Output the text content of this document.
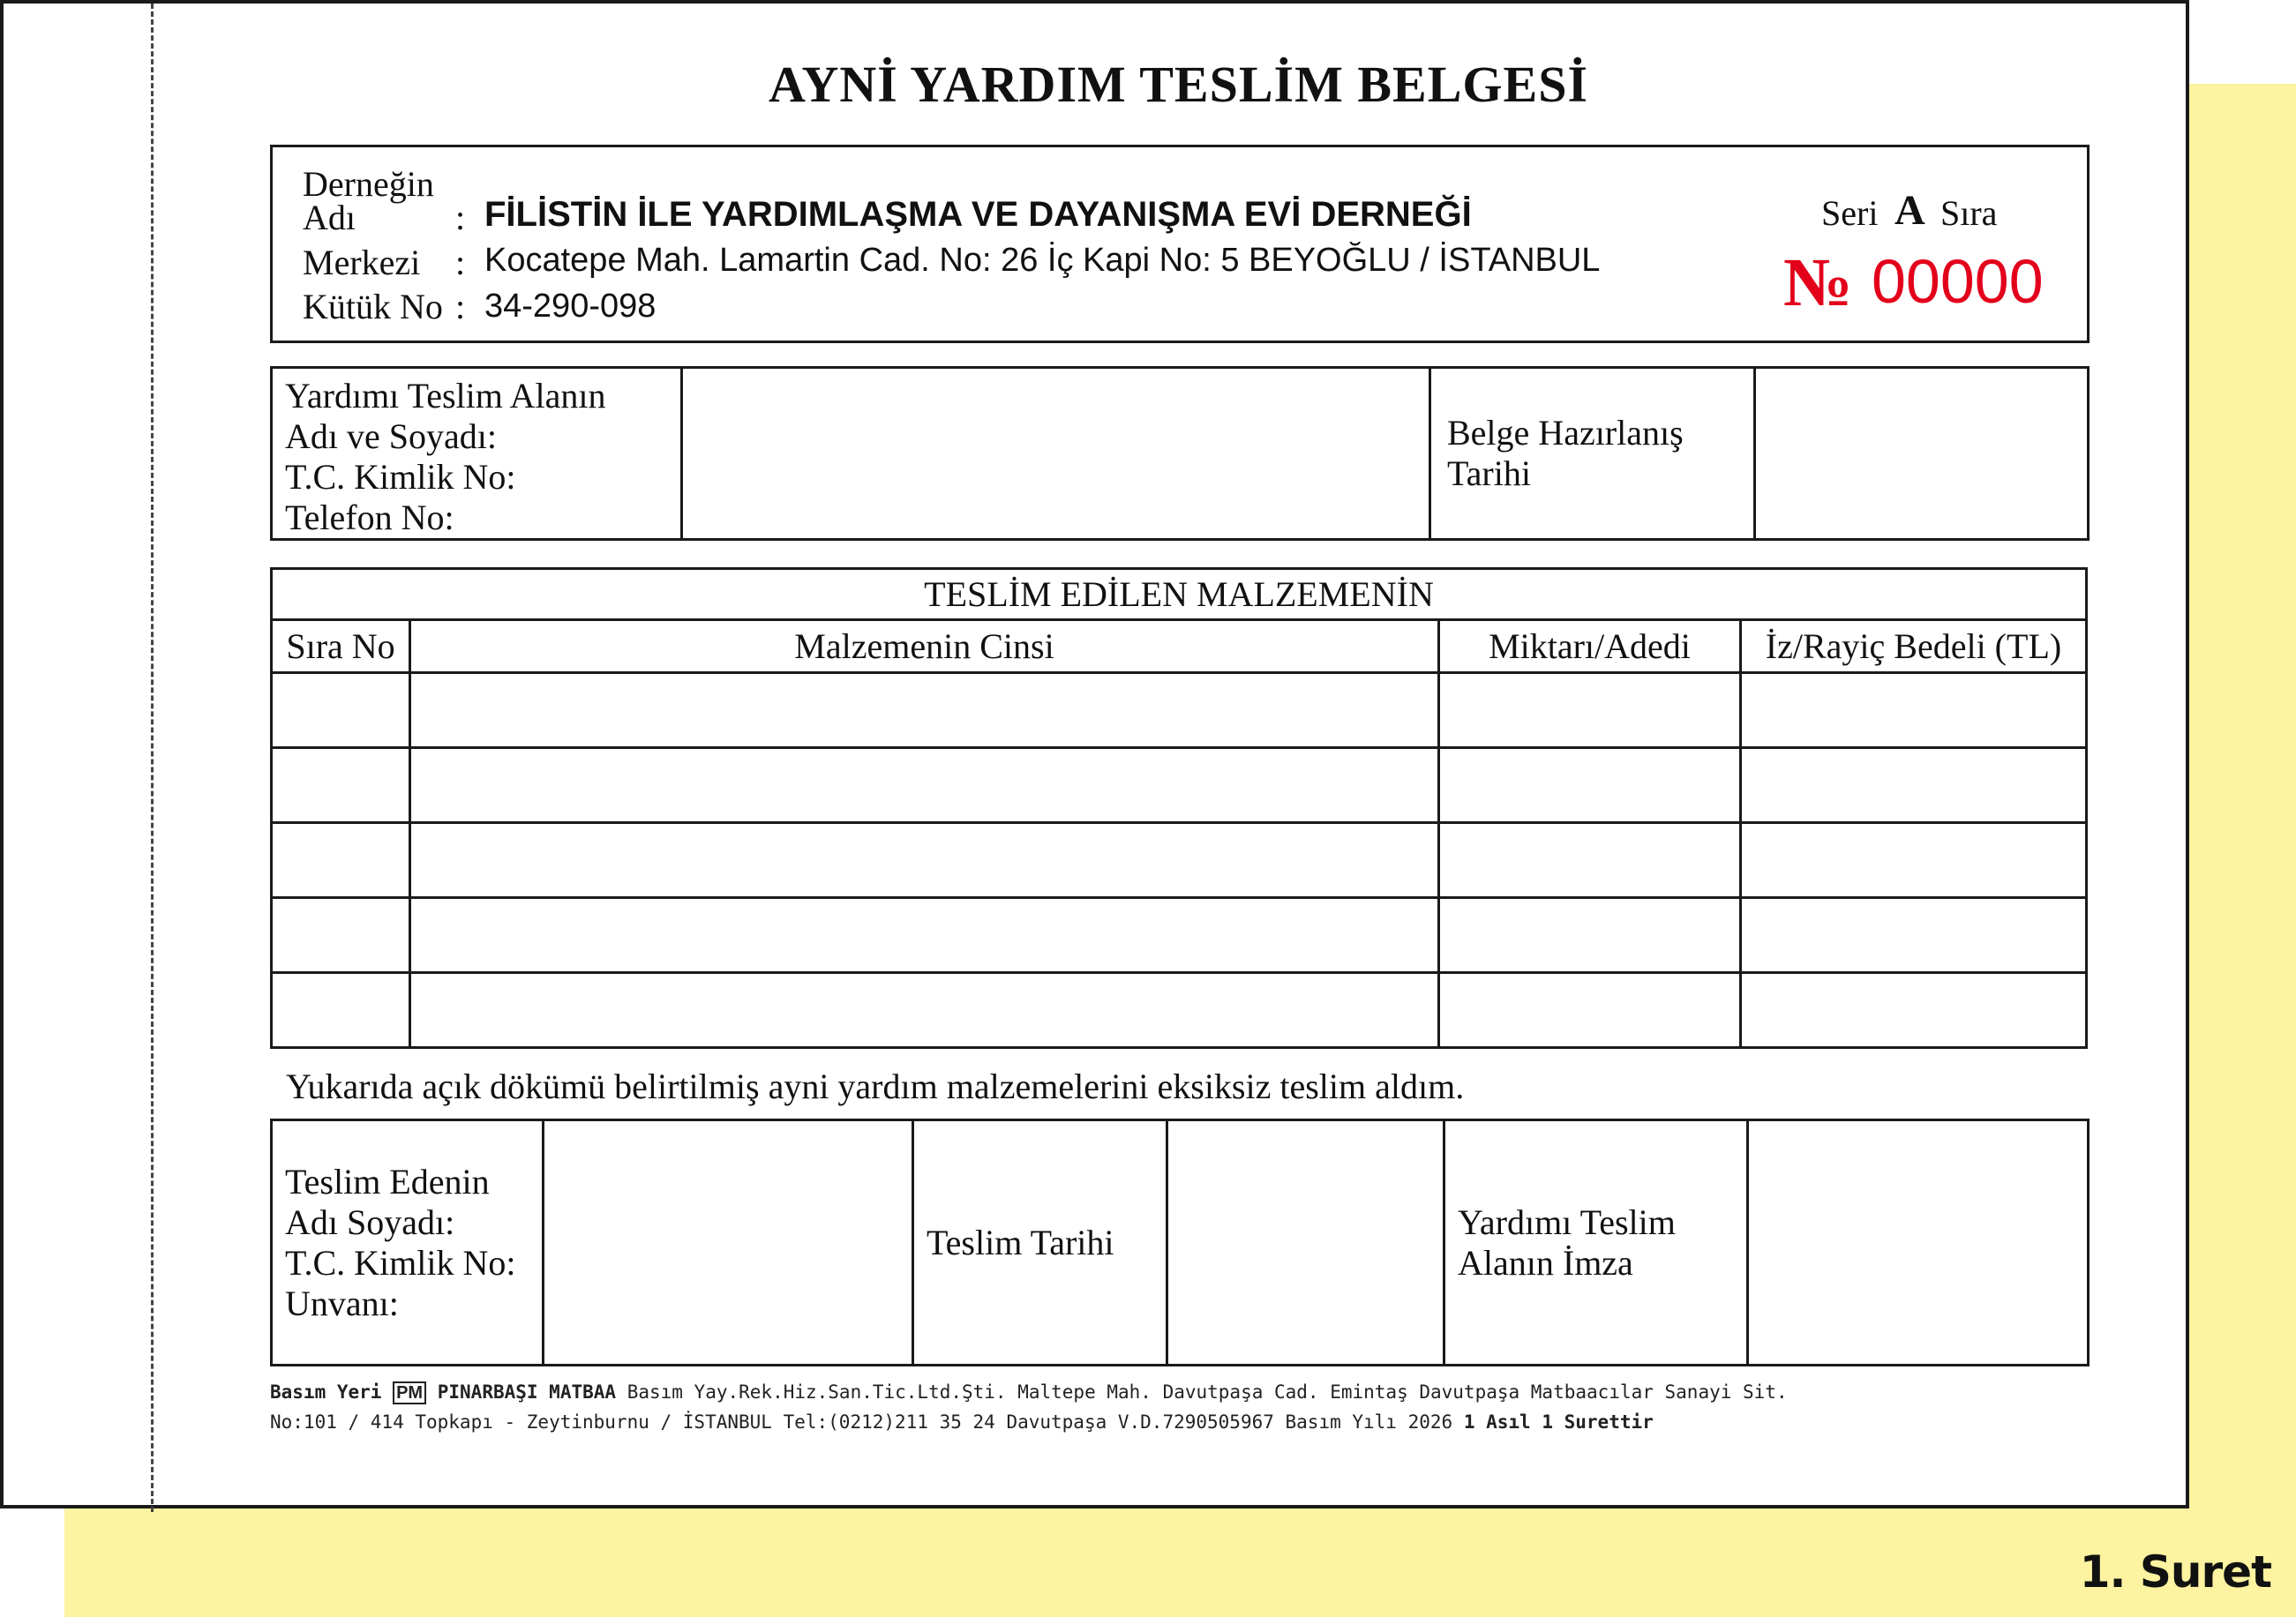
1. Suret
AYNİ YARDIM TESLİM BELGESİ
Derneğin
Adı	: FİLİSTİN İLE YARDIMLAŞMA VE DAYANIŞMA EVİ DERNEĞİ
Merkezi : Kocatepe Mah. Lamartin Cad. No: 26 İç Kapi No: 5 BEYOĞLU / İSTANBUL
Kütük No : 34-290-098
Seri A Sıra
№ 00000
Yardımı Teslim Alanın
Adı ve Soyadı:
T.C. Kimlik No:
Telefon No:

Belge Hazırlanış
Tarihi

TESLİM EDİLEN MALZEMENİN			
Sıra No	Malzemenin Cinsi	Miktarı/Adedi	İz/Rayiç Bedeli (TL)

Yukarıda açık dökümü belirtilmiş ayni yardım malzemelerini eksiksiz teslim aldım.
Teslim Edenin
Adı Soyadı:
T.C. Kimlik No:
Unvanı:
		Teslim Tarihi		
Yardımı Teslim
Alanın İmza

Basım Yeri PM PINARBAŞI MATBAA Basım Yay.Rek.Hiz.San.Tic.Ltd.Şti. Maltepe Mah. Davutpaşa Cad. Emintaş Davutpaşa Matbaacılar Sanayi Sit.
No:101 / 414 Topkapı - Zeytinburnu / İSTANBUL Tel:(0212)211 35 24 Davutpaşa V.D.7290505967 Basım Yılı 2026 1 Asıl 1 Surettir
